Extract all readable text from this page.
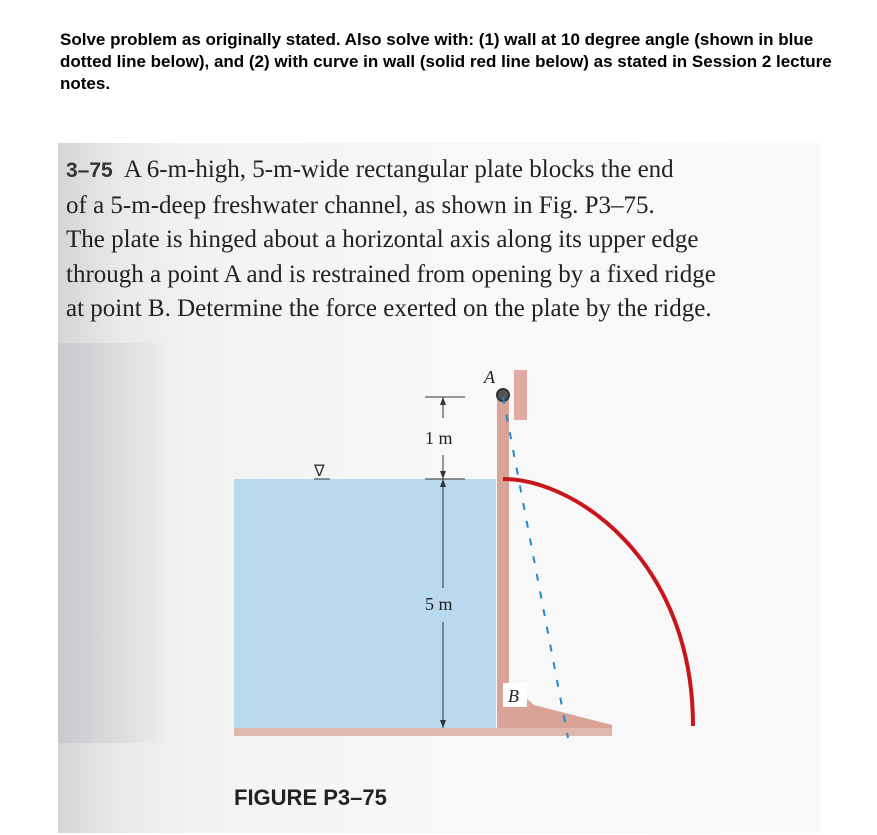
Solve problem as originally stated. Also solve with: (1) wall at 10 degree angle (shown in blue dotted line below), and (2) with curve in wall (solid red line below) as stated in Session 2 lecture notes.

3–75 A 6-m-high, 5-m-wide rectangular plate blocks the end
of a 5-m-deep freshwater channel, as shown in Fig. P3–75.
The plate is hinged about a horizontal axis along its upper edge
through a point A and is restrained from opening by a fixed ridge
at point B. Determine the force exerted on the plate by the ridge.

A
B
1 m
5 m
∇
FIGURE P3–75
